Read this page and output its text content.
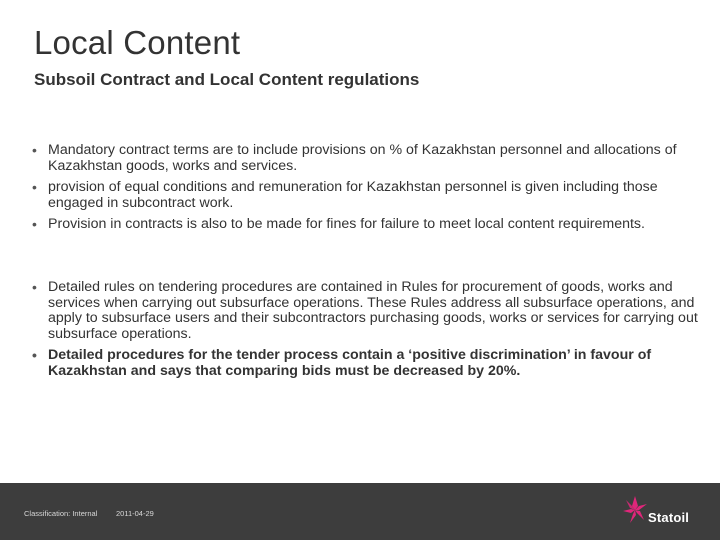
Local Content
Subsoil Contract and Local Content regulations
• Mandatory contract terms are to include provisions on % of Kazakhstan personnel and allocations of Kazakhstan goods, works and services.
• provision of equal conditions and remuneration for Kazakhstan personnel is given including those engaged in subcontract work.
• Provision in contracts is also to be made for fines for failure to meet local content requirements.
• Detailed rules on tendering procedures are contained in Rules for procurement of goods, works and services when carrying out subsurface operations. These Rules address all subsurface operations, and apply to subsurface users and their subcontractors purchasing goods, works or services for carrying out subsurface operations.
• Detailed procedures for the tender process contain a ‘positive discrimination’ in favour of Kazakhstan and says that comparing bids must be decreased by 20%.
Classification: Internal 2011-04-29	Statoil
